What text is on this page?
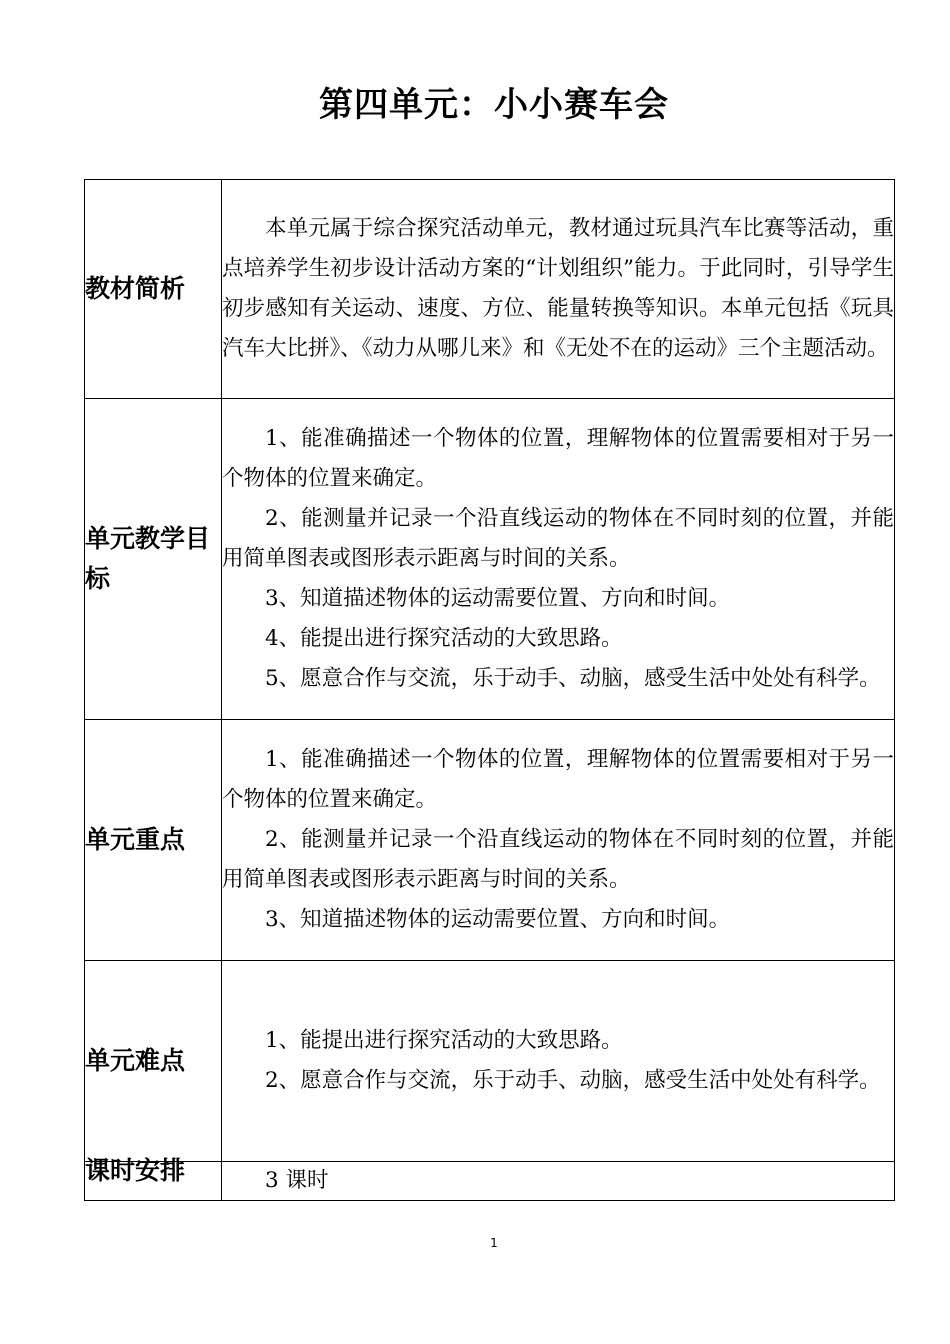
第四单元：小小赛车会
教材简析	本单元属于综合探究活动单元，教材通过玩具汽车比赛等活动，重点培养学生初步设计活动方案的“计划组织”能力。于此同时，引导学生初步感知有关运动、速度、方位、能量转换等知识。本单元包括《玩具汽车大比拼》、《动力从哪儿来》和《无处不在的运动》三个主题活动。

单元教学目标	1、能准确描述一个物体的位置，理解物体的位置需要相对于另一个物体的位置来确定。

2、能测量并记录一个沿直线运动的物体在不同时刻的位置，并能用简单图表或图形表示距离与时间的关系。

3、知道描述物体的运动需要位置、方向和时间。

4、能提出进行探究活动的大致思路。

5、愿意合作与交流，乐于动手、动脑，感受生活中处处有科学。

单元重点	1、能准确描述一个物体的位置，理解物体的位置需要相对于另一个物体的位置来确定。

2、能测量并记录一个沿直线运动的物体在不同时刻的位置，并能用简单图表或图形表示距离与时间的关系。

3、知道描述物体的运动需要位置、方向和时间。

单元难点	1、能提出进行探究活动的大致思路。

2、愿意合作与交流，乐于动手、动脑，感受生活中处处有科学。

课时安排	3 课时

1
